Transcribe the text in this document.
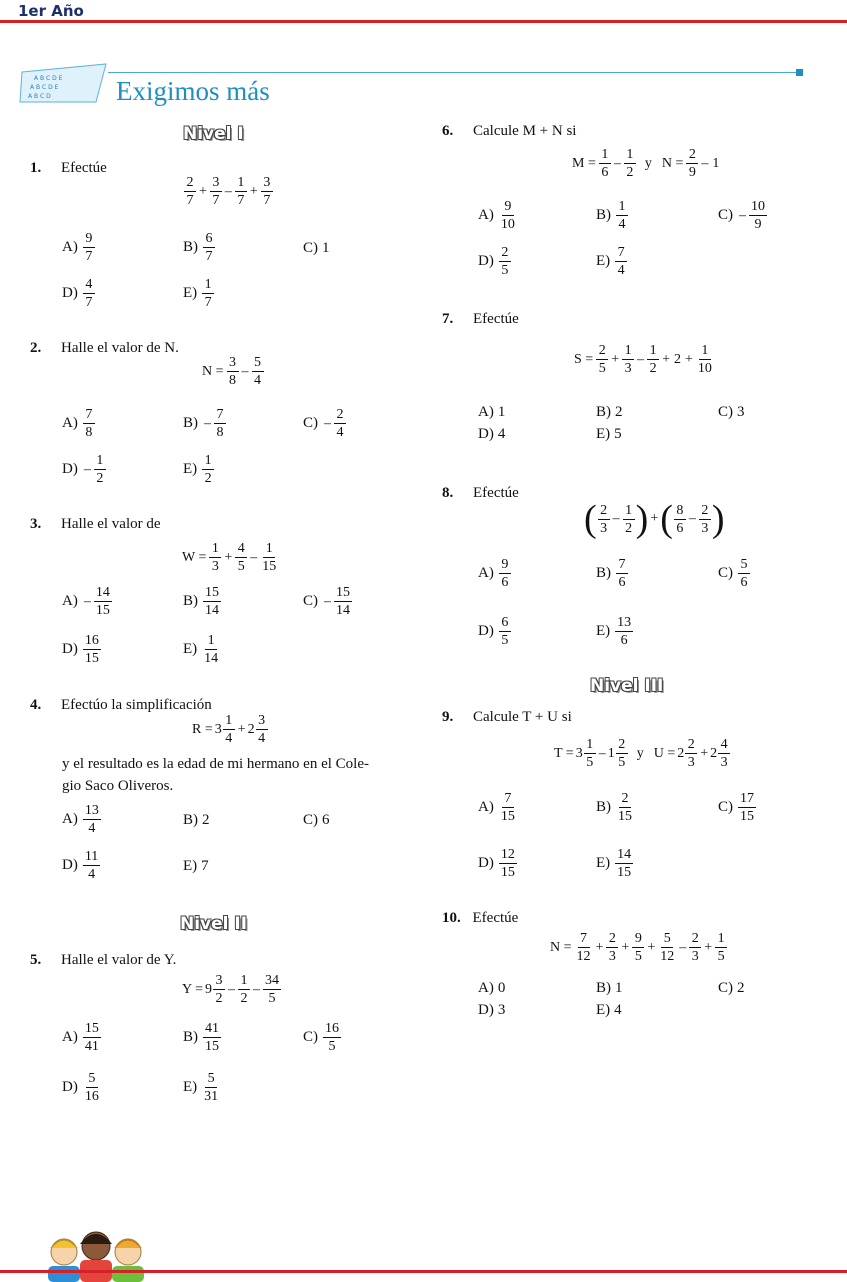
1er Año
A B C D E
A B C D E
A B C D Exigimos más
Nivel I
1. Efectúe
$\frac{2}{7} + \frac{3}{7} - \frac{1}{7} + \frac{3}{7}$
$A) \frac{9}{7}$	$B) \frac{6}{7}$	C) 1
$D) \frac{4}{7}$	$E) \frac{1}{7}$
2. Halle el valor de N.
$N = \frac{3}{8} - \frac{5}{4}$
$A) \frac{7}{8}$	$B) - \frac{7}{8}$	$C) - \frac{2}{4}$
$D) - \frac{1}{2}$	$E) \frac{1}{2}$
3. Halle el valor de
$W = \frac{1}{3} + \frac{4}{5} - \frac{1}{15}$
$A) - \frac{14}{15}$	$B) \frac{15}{14}$	$C) - \frac{15}{14}$
$D) \frac{16}{15}$	$E) \frac{1}{14}$
4. Efectúo la simplificación
$R = 3 \frac{1}{4} + 2 \frac{3}{4}$
y el resultado es la edad de mi hermano en el Cole-
gio Saco Oliveros.
$A) \frac{13}{4}$	B) 2	C) 6
$D) \frac{11}{4}$	E) 7
Nivel II
5. Halle el valor de Y.
$Y = 9 \frac{3}{2} - \frac{1}{2} - \frac{34}{5}$
$A) \frac{15}{41}$	$B) \frac{41}{15}$	$C) \frac{16}{5}$
$D) \frac{5}{16}$	$E) \frac{5}{31}$
6. Calcule M + N si
$M = \frac{1}{6} - \frac{1}{2}$ y $N = \frac{2}{9} - 1$
$A) \frac{9}{10}$	$B) \frac{1}{4}$	$C) - \frac{10}{9}$
$D) \frac{2}{5}$	$E) \frac{7}{4}$
7. Efectúe
$S = \frac{2}{5} + \frac{1}{3} - \frac{1}{2} + 2 + \frac{1}{10}$
A) 1	B) 2	C) 3
D) 4	E) 5
8. Efectúe
( $\frac{2}{3} - \frac{1}{2}$ ) + ( $\frac{8}{6} - \frac{2}{3}$ )
$A) \frac{9}{6}$	$B) \frac{7}{6}$	$C) \frac{5}{6}$
$D) \frac{6}{5}$	$E) \frac{13}{6}$
Nivel III
9. Calcule T + U si
$T = 3 \frac{1}{5} - 1 \frac{2}{5}$ y $U = 2 \frac{2}{3} + 2 \frac{4}{3}$
$A) \frac{7}{15}$	$B) \frac{2}{15}$	$C) \frac{17}{15}$
$D) \frac{12}{15}$	$E) \frac{14}{15}$
10. Efectúe
$N = \frac{7}{12} + \frac{2}{3} + \frac{9}{5} + \frac{5}{12} - \frac{2}{3} + \frac{1}{5}$
A) 0	B) 1	C) 2
D) 3	E) 4
